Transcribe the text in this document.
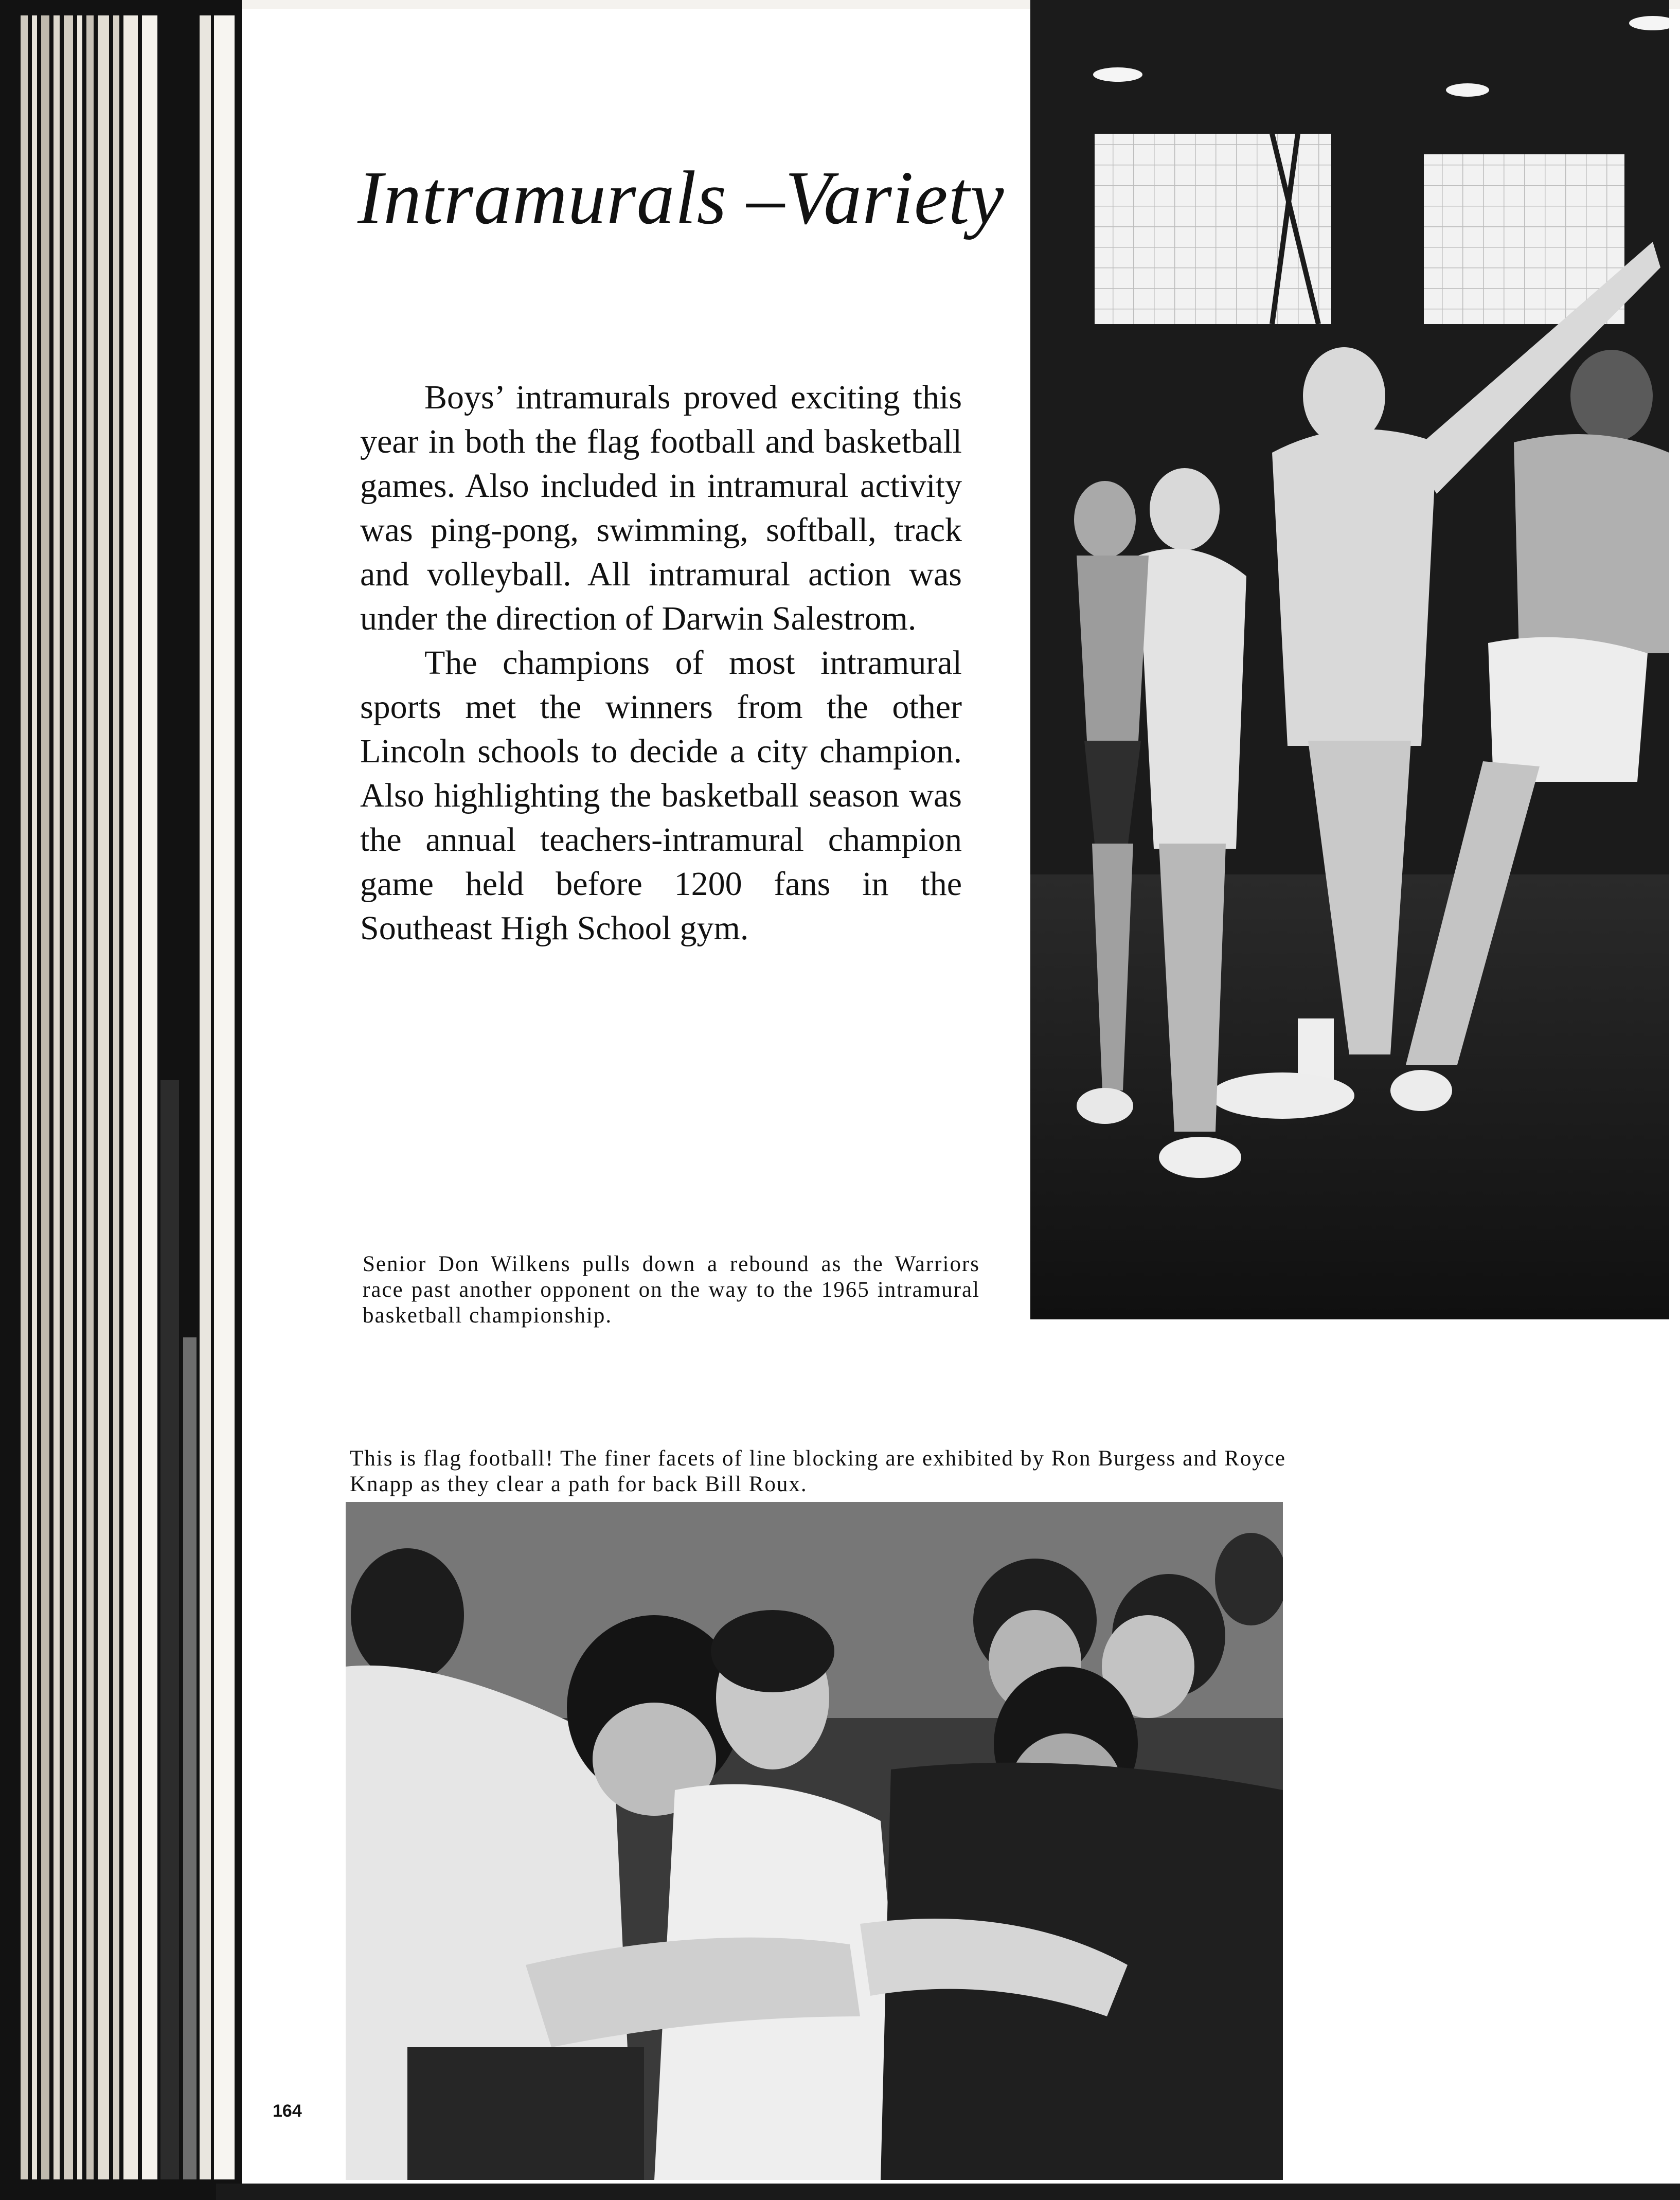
Intramurals –Variety

Boys’ intramurals proved exciting this year in both the flag football and basketball games. Also included in intramural activity was ping-pong, swimming, softball, track and volleyball. All intramural action was under the direction of Darwin Salestrom.

The champions of most intramural sports met the winners from the other Lincoln schools to decide a city champion. Also highlighting the basketball season was the annual teachers-intramural champion game held before 1200 fans in the Southeast High School gym.

Senior Don Wilkens pulls down a rebound as the Warriors race past another opponent on the way to the 1965 intramural basketball championship.

This is flag football! The finer facets of line blocking are exhibited by Ron Burgess and Royce Knapp as they clear a path for back Bill Roux.

164
